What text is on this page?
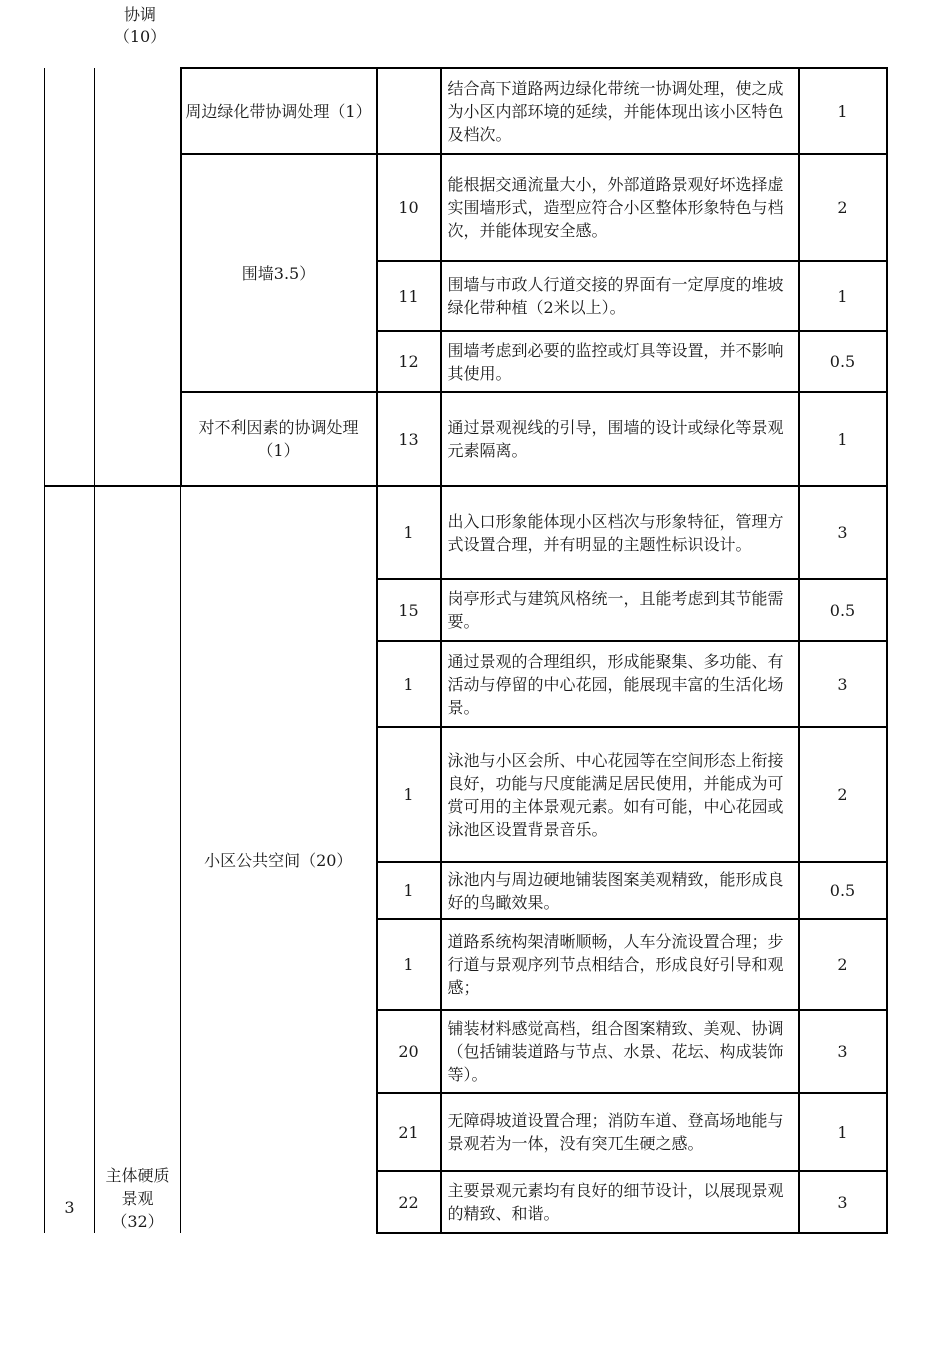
协调
（10）
		周边绿化带协调处理（1）		结合高下道路两边绿化带统一协调处理，使之成为小区内部环境的延续，并能体现出该小区特色及档次。	1
		围墙3.5）	10	能根据交通流量大小，外部道路景观好坏选择虚实围墙形式，造型应符合小区整体形象特色与档次，并能体现安全感。	2
			11	围墙与市政人行道交接的界面有一定厚度的堆坡绿化带种植（2米以上）。	1
			12	围墙考虑到必要的监控或灯具等设置，并不影响其使用。	0.5
		对不利因素的协调处理（1）	13	通过景观视线的引导，围墙的设计或绿化等景观元素隔离。	1

3	主体硬质
景观
（32）	小区公共空间（20）	1	出入口形象能体现小区档次与形象特征，管理方式设置合理，并有明显的主题性标识设计。	3
			15	岗亭形式与建筑风格统一，且能考虑到其节能需要。	0.5
			1	通过景观的合理组织，形成能聚集、多功能、有活动与停留的中心花园，能展现丰富的生活化场景。	3
			1	泳池与小区会所、中心花园等在空间形态上衔接良好，功能与尺度能满足居民使用，并能成为可赏可用的主体景观元素。如有可能，中心花园或泳池区设置背景音乐。	2
			1	泳池内与周边硬地铺装图案美观精致，能形成良好的鸟瞰效果。	0.5
			1	道路系统构架清晰顺畅，人车分流设置合理；步行道与景观序列节点相结合，形成良好引导和观感；	2
			20	铺装材料感觉高档，组合图案精致、美观、协调（包括铺装道路与节点、水景、花坛、构成装饰等）。	3
			21	无障碍坡道设置合理；消防车道、登高场地能与景观若为一体，没有突兀生硬之感。	1
			22	主要景观元素均有良好的细节设计，以展现景观的精致、和谐。	3
